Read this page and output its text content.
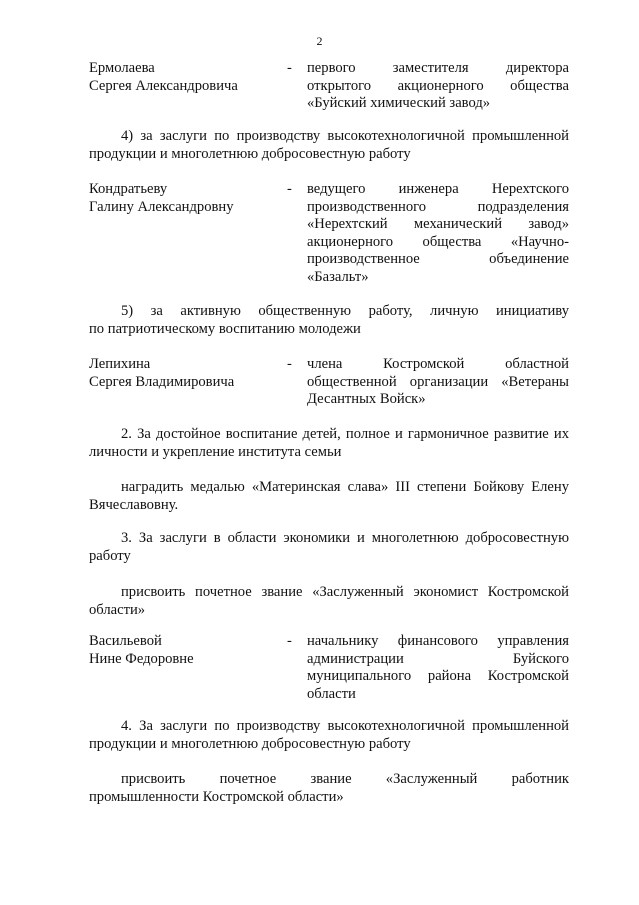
2
Ермолаева
Сергея Александровича
- первого заместителя директора
открытого акционерного общества
«Буйский химический завод»
4) за заслуги по производству высокотехнологичной промышленной
продукции и многолетнюю добросовестную работу
Кондратьеву
Галину Александровну
- ведущего инженера Нерехтского
производственного подразделения
«Нерехтский механический завод»
акционерного общества «Научно-
производственное объединение
«Базальт»
5) за активную общественную работу, личную инициативу
по патриотическому воспитанию молодежи
Лепихина
Сергея Владимировича
- члена Костромской областной
общественной организации «Ветераны
Десантных Войск»
2. За достойное воспитание детей, полное и гармоничное развитие их
личности и укрепление института семьи
наградить медалью «Материнская слава» III степени Бойкову Елену
Вячеславовну.
3. За заслуги в области экономики и многолетнюю добросовестную
работу
присвоить почетное звание «Заслуженный экономист Костромской
области»
Васильевой
Нине Федоровне
- начальнику финансового управления
администрации Буйского
муниципального района Костромской
области
4. За заслуги по производству высокотехнологичной промышленной
продукции и многолетнюю добросовестную работу
присвоить почетное звание «Заслуженный работник
промышленности Костромской области»
